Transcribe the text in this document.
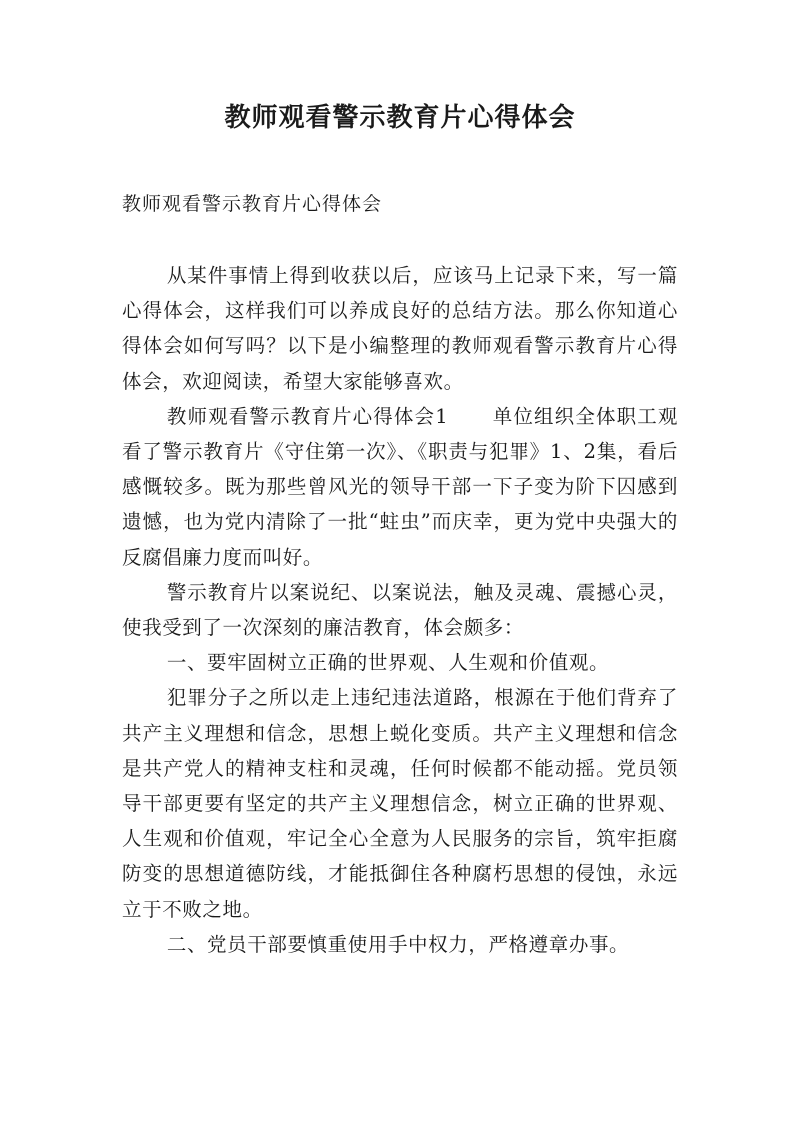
教师观看警示教育片心得体会

教师观看警示教育片心得体会

从某件事情上得到收获以后，应该马上记录下来，写一篇心得体会，这样我们可以养成良好的总结方法。那么你知道心得体会如何写吗？以下是小编整理的教师观看警示教育片心得体会，欢迎阅读，希望大家能够喜欢。

教师观看警示教育片心得体会1 单位组织全体职工观看了警示教育片《守住第一次》、《职责与犯罪》1、2集，看后感慨较多。既为那些曾风光的领导干部一下子变为阶下囚感到遗憾，也为党内清除了一批“蛀虫”而庆幸，更为党中央强大的反腐倡廉力度而叫好。

警示教育片以案说纪、以案说法，触及灵魂、震撼心灵，使我受到了一次深刻的廉洁教育，体会颇多：

一、要牢固树立正确的世界观、人生观和价值观。

犯罪分子之所以走上违纪违法道路，根源在于他们背弃了共产主义理想和信念，思想上蜕化变质。共产主义理想和信念是共产党人的精神支柱和灵魂，任何时候都不能动摇。党员领导干部更要有坚定的共产主义理想信念，树立正确的世界观、人生观和价值观，牢记全心全意为人民服务的宗旨，筑牢拒腐防变的思想道德防线，才能抵御住各种腐朽思想的侵蚀，永远立于不败之地。

二、党员干部要慎重使用手中权力，严格遵章办事。
